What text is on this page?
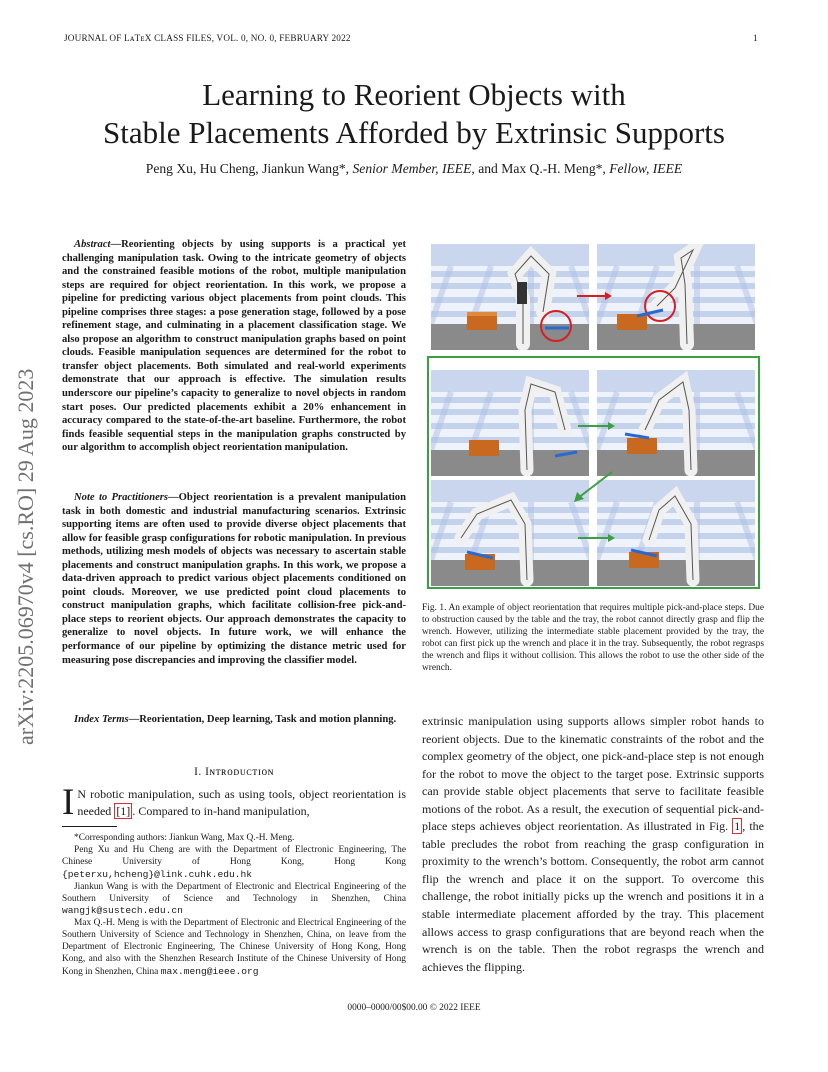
JOURNAL OF LᴀTᴇX CLASS FILES, VOL. 0, NO. 0, FEBRUARY 2022	1
Learning to Reorient Objects with
Stable Placements Afforded by Extrinsic Supports
Peng Xu, Hu Cheng, Jiankun Wang*, Senior Member, IEEE, and Max Q.-H. Meng*, Fellow, IEEE
arXiv:2205.06970v4 [cs.RO] 29 Aug 2023
Abstract—Reorienting objects by using supports is a practical yet challenging manipulation task. Owing to the intricate geometry of objects and the constrained feasible motions of the robot, multiple manipulation steps are required for object reorientation. In this work, we propose a pipeline for predicting various object placements from point clouds. This pipeline comprises three stages: a pose generation stage, followed by a pose refinement stage, and culminating in a placement classification stage. We also propose an algorithm to construct manipulation graphs based on point clouds. Feasible manipulation sequences are determined for the robot to transfer object placements. Both simulated and real-world experiments demonstrate that our approach is effective. The simulation results underscore our pipeline’s capacity to generalize to novel objects in random start poses. Our predicted placements exhibit a 20% enhancement in accuracy compared to the state-of-the-art baseline. Furthermore, the robot finds feasible sequential steps in the manipulation graphs constructed by our algorithm to accomplish object reorientation manipulation.
Note to Practitioners—Object reorientation is a prevalent manipulation task in both domestic and industrial manufacturing scenarios. Extrinsic supporting items are often used to provide diverse object placements that allow for feasible grasp configurations for robotic manipulation. In previous methods, utilizing mesh models of objects was necessary to ascertain stable placements and construct manipulation graphs. In this work, we propose a data-driven approach to predict various object placements conditioned on point clouds. Moreover, we use predicted point cloud placements to construct manipulation graphs, which facilitate collision-free pick-and-place steps to reorient objects. Our approach demonstrates the capacity to generalize to novel objects. In future work, we will enhance the performance of our pipeline by optimizing the distance metric used for measuring pose discrepancies and improving the classifier model.
Index Terms—Reorientation, Deep learning, Task and motion planning.
I. Iɴᴛʀᴏᴅᴜᴄᴛɪᴏɴ
I N robotic manipulation, such as using tools, object reorientation is needed [1] . Compared to in-hand manipulation,
*Corresponding authors: Jiankun Wang, Max Q.-H. Meng.
Peng Xu and Hu Cheng are with the Department of Electronic Engineering, The Chinese University of Hong Kong, Hong Kong {peterxu,hcheng}@link.cuhk.edu.hk
Jiankun Wang is with the Department of Electronic and Electrical Engineering of the Southern University of Science and Technology in Shenzhen, China wangjk@sustech.edu.cn
Max Q.-H. Meng is with the Department of Electronic and Electrical Engineering of the Southern University of Science and Technology in Shenzhen, China, on leave from the Department of Electronic Engineering, The Chinese University of Hong Kong, Hong Kong, and also with the Shenzhen Research Institute of the Chinese University of Hong Kong in Shenzhen, China max.meng@ieee.org
Fig. 1. An example of object reorientation that requires multiple pick-and-place steps. Due to obstruction caused by the table and the tray, the robot cannot directly grasp and flip the wrench. However, utilizing the intermediate stable placement provided by the tray, the robot can first pick up the wrench and place it in the tray. Subsequently, the robot regrasps the wrench and flips it without collision. This allows the robot to use the other side of the wrench.
extrinsic manipulation using supports allows simpler robot hands to reorient objects. Due to the kinematic constraints of the robot and the complex geometry of the object, one pick-and-place step is not enough for the robot to move the object to the target pose. Extrinsic supports can provide stable object placements that serve to facilitate feasible motions of the robot. As a result, the execution of sequential pick-and-place steps achieves object reorientation. As illustrated in Fig. 1 , the table precludes the robot from reaching the grasp configuration in proximity to the wrench’s bottom. Consequently, the robot arm cannot flip the wrench and place it on the support. To overcome this challenge, the robot initially picks up the wrench and positions it in a stable intermediate placement afforded by the tray. This placement allows access to grasp configurations that are beyond reach when the wrench is on the table. Then the robot regrasps the wrench and achieves the flipping.
0000–0000/00$00.00 © 2022 IEEE
